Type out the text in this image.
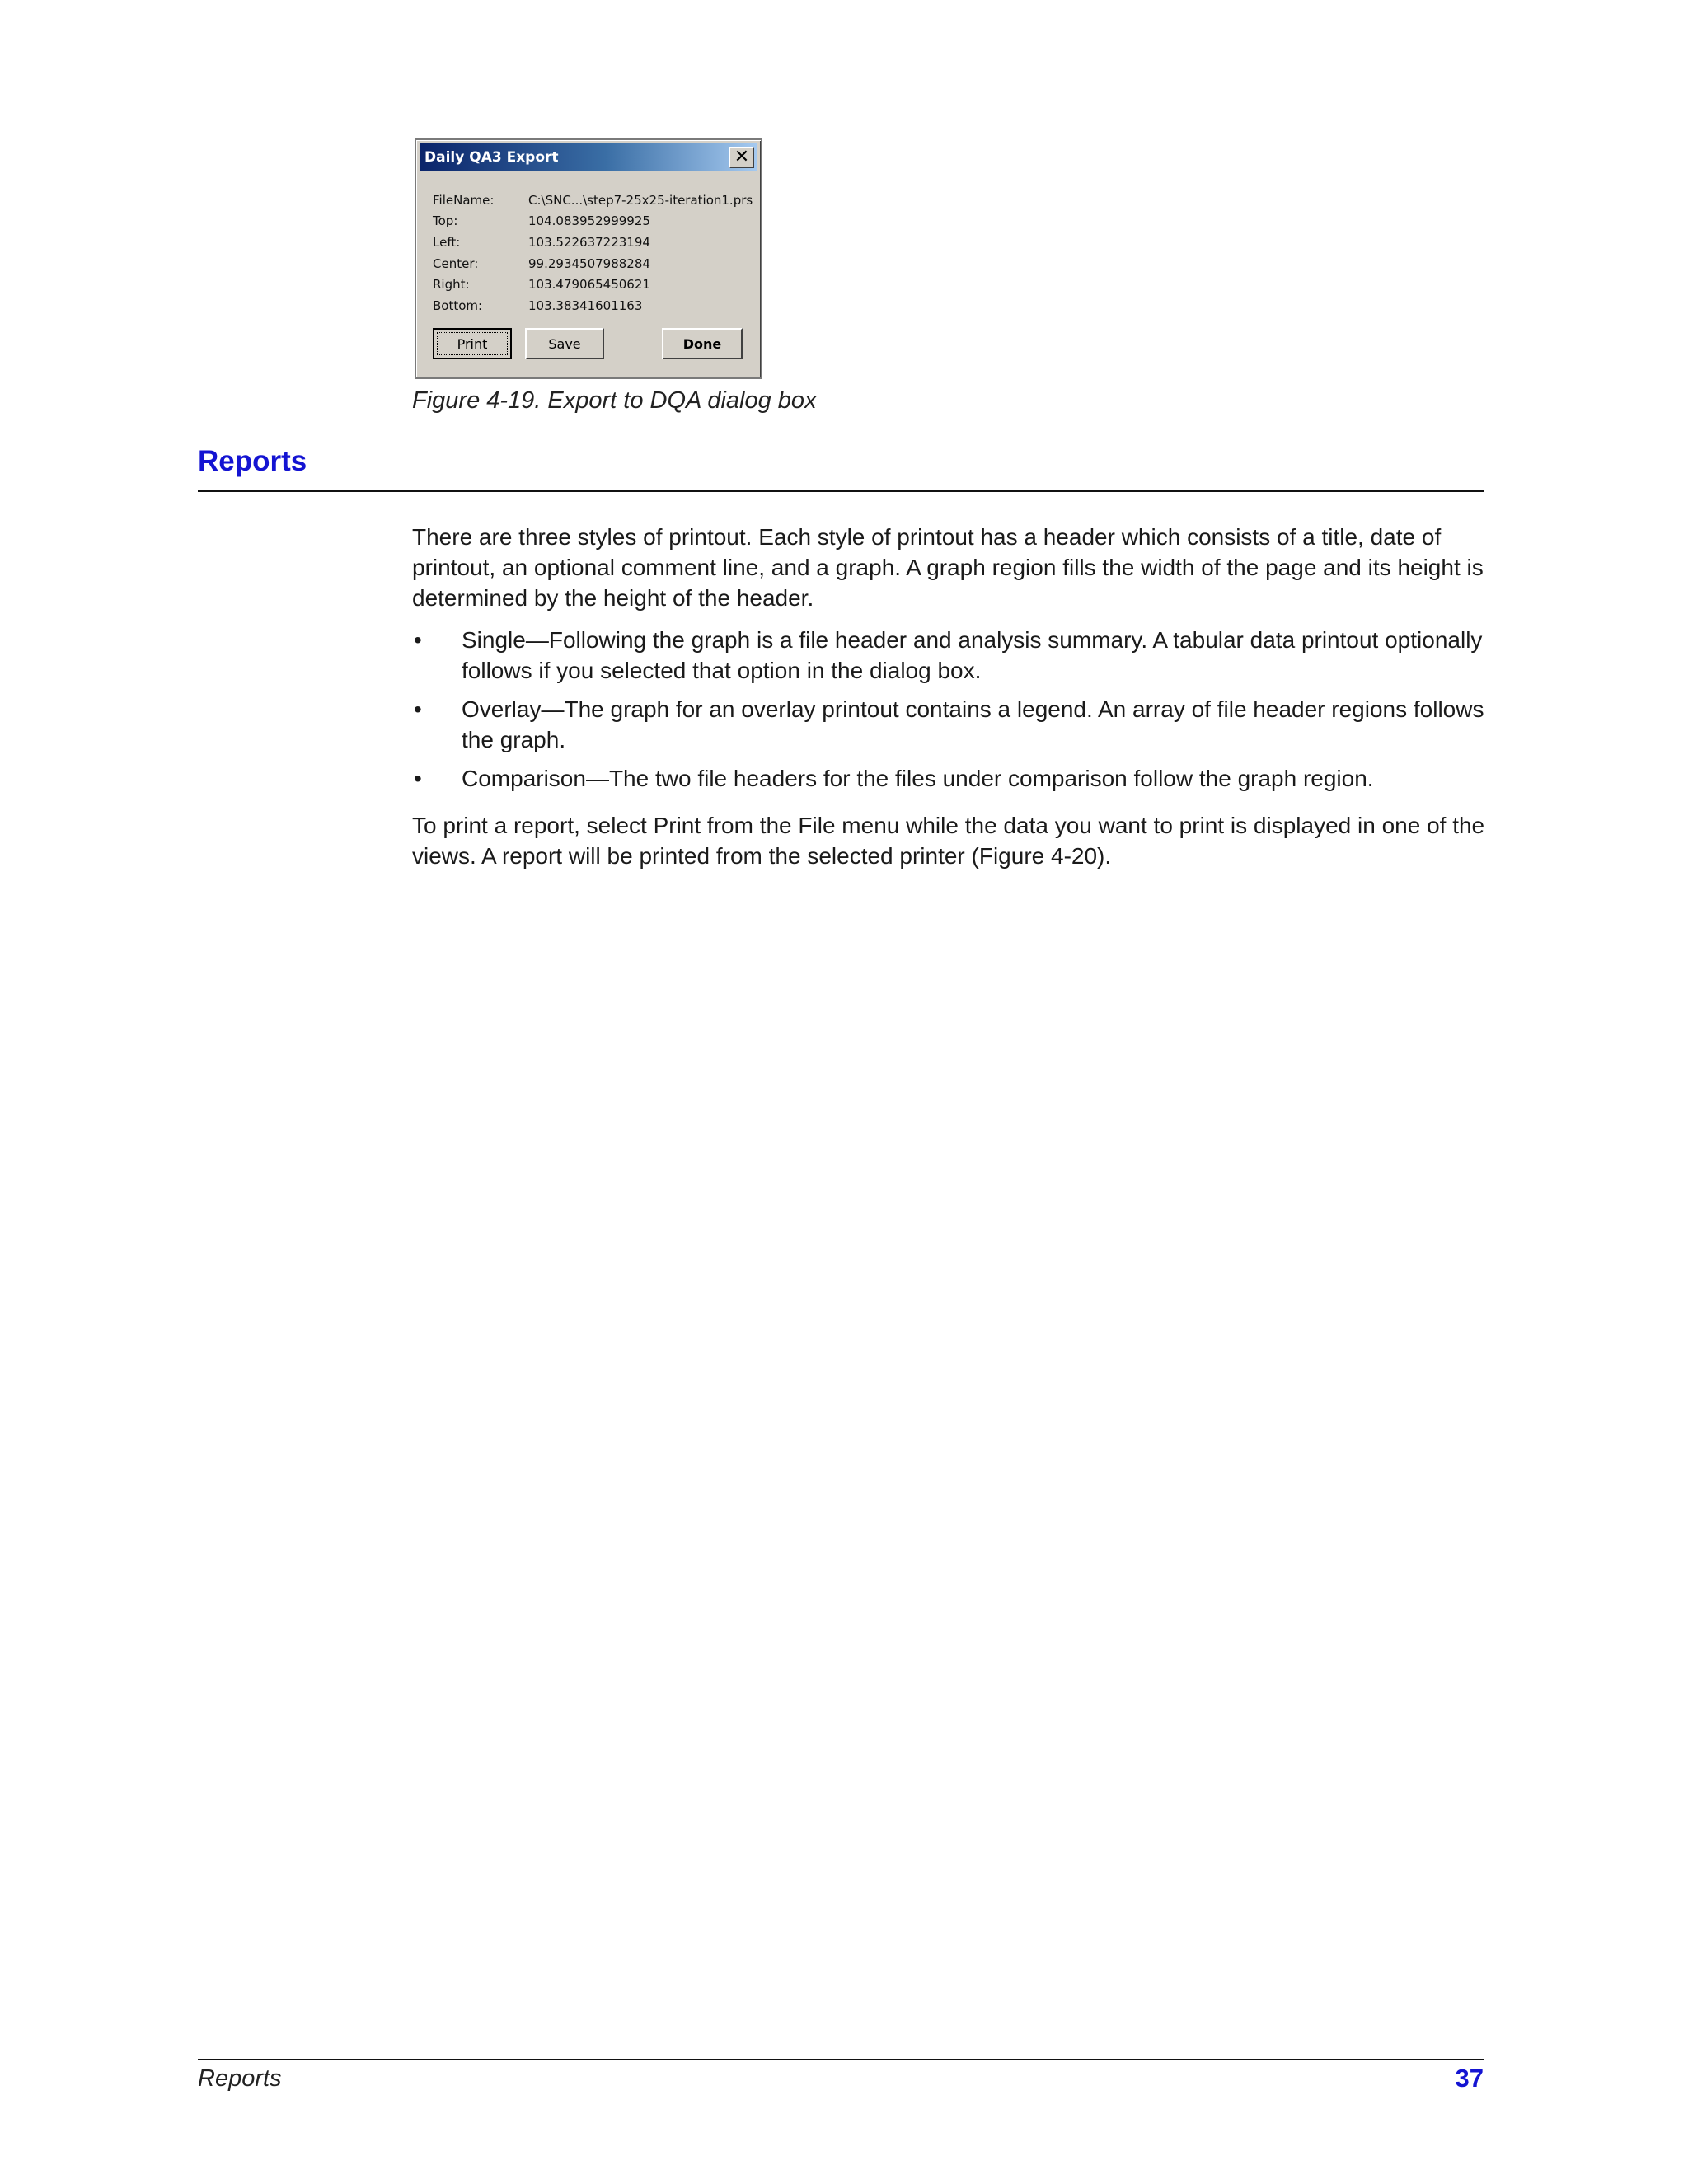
Daily QA3 Export	✕
FileName:	C:\SNC...\step7-25x25-iteration1.prs
Top:	104.083952999925
Left:	103.522637223194
Center:	99.2934507988284
Right:	103.479065450621
Bottom:	103.38341601163
Print	Save	Done
Figure 4-19. Export to DQA dialog box
Reports

There are three styles of printout. Each style of printout has a header which consists of a title, date of printout, an optional comment line, and a graph. A graph region fills the width of the page and its height is determined by the height of the header.

•	Single—Following the graph is a file header and analysis summary. A tabular data printout optionally follows if you selected that option in the dialog box.
•	Overlay—The graph for an overlay printout contains a legend. An array of file header regions follows the graph.
•	Comparison—The two file headers for the files under comparison follow the graph region.

To print a report, select Print from the File menu while the data you want to print is displayed in one of the views. A report will be printed from the selected printer (Figure 4-20).

Reports	37
